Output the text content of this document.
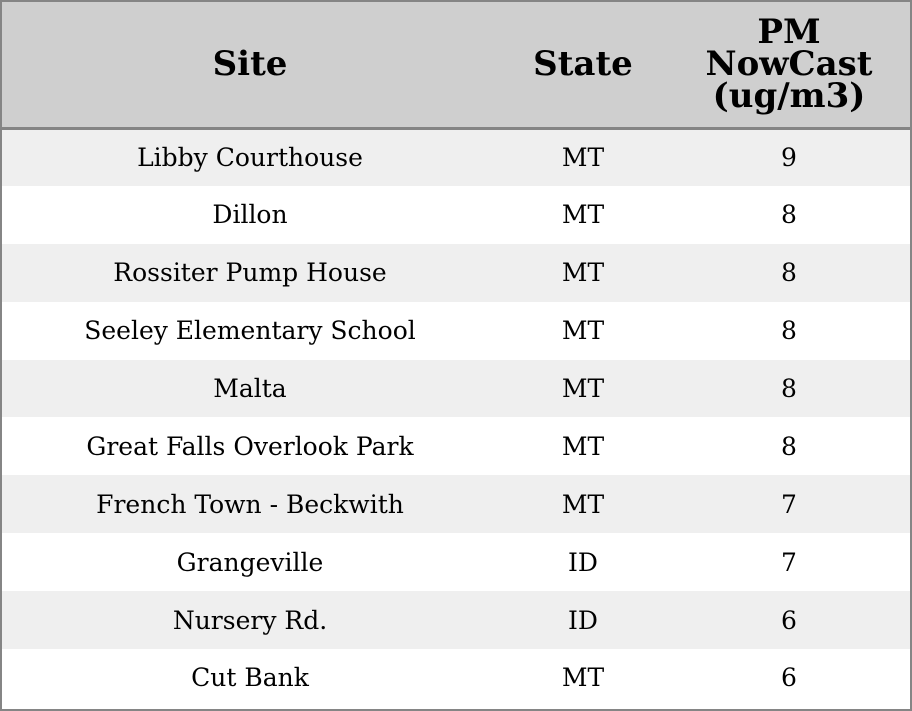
Site	State	PM
NowCast
(ug/m3)

Libby Courthouse	MT	9
Dillon	MT	8
Rossiter Pump House	MT	8
Seeley Elementary School	MT	8
Malta	MT	8
Great Falls Overlook Park	MT	8
French Town - Beckwith	MT	7
Grangeville	ID	7
Nursery Rd.	ID	6
Cut Bank	MT	6
